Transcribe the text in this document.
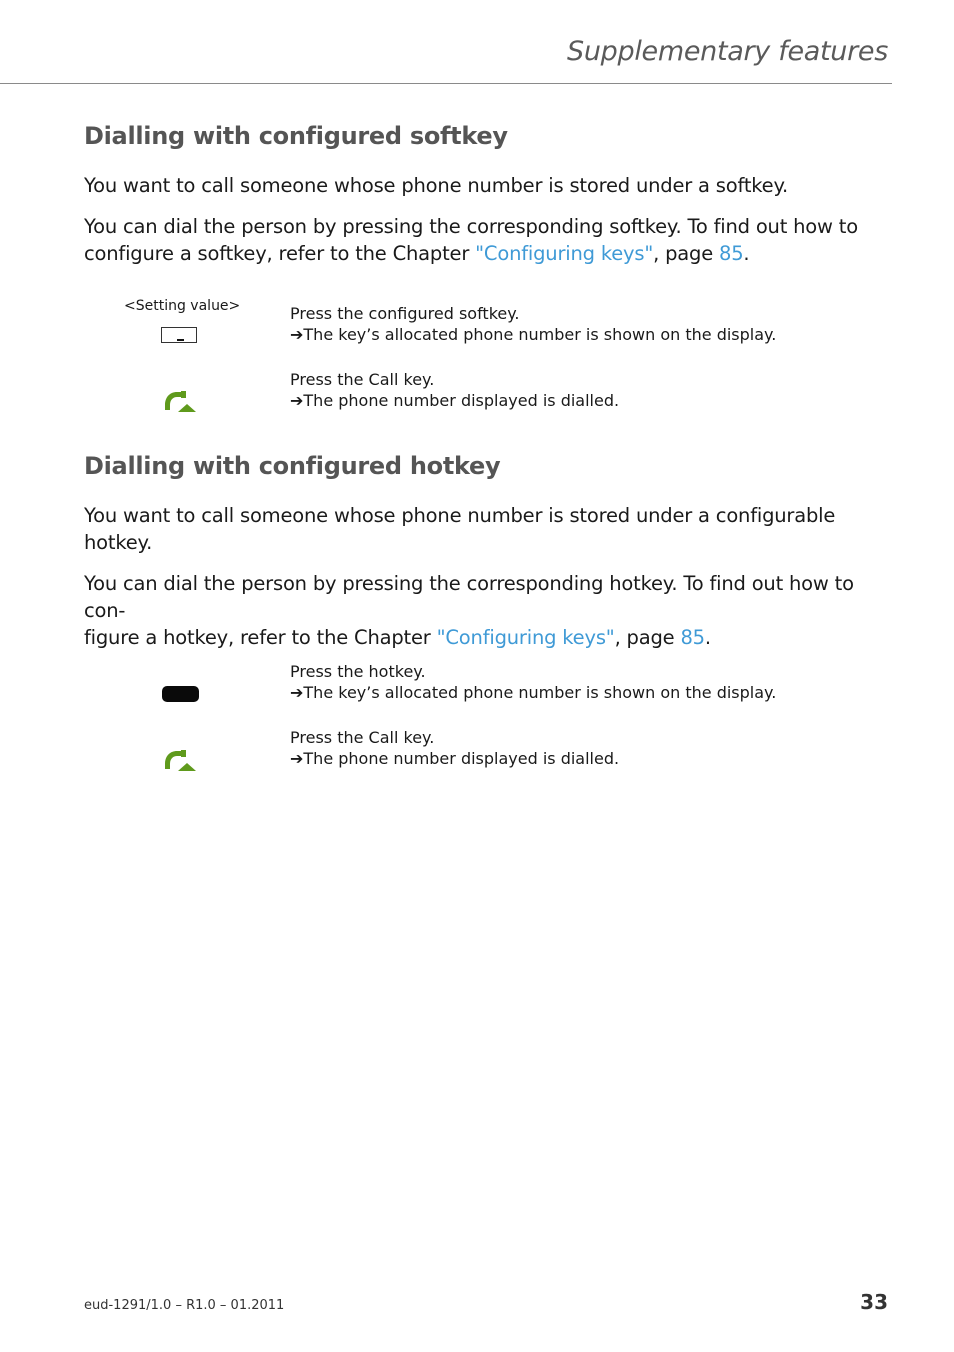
Supplementary features
Dialling with configured softkey

You want to call someone whose phone number is stored under a softkey.

You can dial the person by pressing the corresponding softkey. To find out how to configure a softkey, refer to the Chapter "Configuring keys", page 85.

<Setting value>	Press the configured softkey.
➔The key’s allocated phone number is shown on the display.
Press the Call key.
➔The phone number displayed is dialled.
Dialling with configured hotkey

You want to call someone whose phone number is stored under a configurable
hotkey.

You can dial the person by pressing the corresponding hotkey. To find out how to con-
figure a hotkey, refer to the Chapter "Configuring keys", page 85.

Press the hotkey.
➔The key’s allocated phone number is shown on the display.
Press the Call key.
➔The phone number displayed is dialled.
eud-1291/1.0 – R1.0 – 01.2011	33
